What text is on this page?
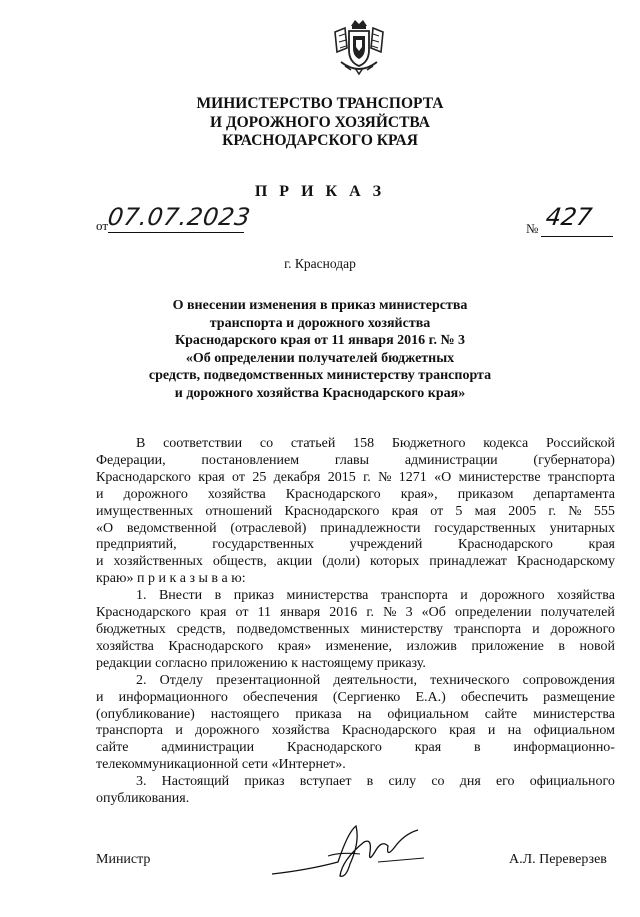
МИНИСТЕРСТВО ТРАНСПОРТА
И ДОРОЖНОГО ХОЗЯЙСТВА
КРАСНОДАРСКОГО КРАЯ
П Р И К А З
от
07.07.2023	№ 427
г. Краснодар
О внесении изменения в приказ министерства
транспорта и дорожного хозяйства
Краснодарского края от 11 января 2016 г. № 3
«Об определении получателей бюджетных
средств, подведомственных министерству транспорта
и дорожного хозяйства Краснодарского края»
В соответствии со статьей 158 Бюджетного кодекса Российской
Федерации,	постановлением	главы	администрации	(губернатора)
Краснодарского края от 25 декабря 2015 г. № 1271 «О министерстве транспорта
и дорожного хозяйства Краснодарского края», приказом департамента
имущественных отношений Краснодарского края от 5 мая 2005 г. № 555
«О ведомственной (отраслевой) принадлежности государственных унитарных
предприятий,	государственных	учреждений	Краснодарского	края
и хозяйственных обществ, акции (доли) которых принадлежат Краснодарскому
краю» п р и к а з ы в а ю:
1. Внести в приказ министерства транспорта и дорожного хозяйства
Краснодарского края от 11 января 2016 г. № 3 «Об определении получателей
бюджетных средств, подведомственных министерству транспорта и дорожного
хозяйства Краснодарского края» изменение, изложив приложение в новой
редакции согласно приложению к настоящему приказу.
2. Отделу презентационной деятельности, технического сопровождения
и информационного обеспечения (Сергиенко Е.А.) обеспечить размещение
(опубликование) настоящего приказа на официальном сайте министерства
транспорта и дорожного хозяйства Краснодарского края и на официальном
сайте администрации Краснодарского края в информационно-
телекоммуникационной сети «Интернет».
3. Настоящий приказ вступает в силу со дня его официального
опубликования.
Министр	А.Л. Переверзев
